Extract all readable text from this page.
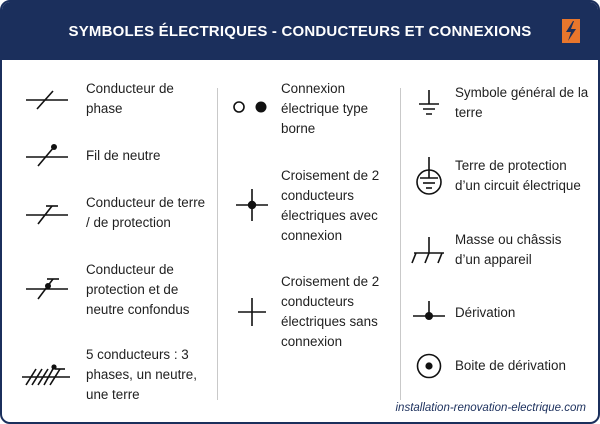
SYMBOLES ÉLECTRIQUES - CONDUCTEURS ET CONNEXIONS
Conducteur de phase
Fil de neutre
Conducteur de terre / de protection
Conducteur de protection et de neutre confondus
5 conducteurs : 3 phases, un neutre, une terre
Connexion électrique type borne
Croisement de 2 conducteurs électriques avec connexion
Croisement de 2 conducteurs électriques sans connexion
Symbole général de la terre
Terre de protection d’un circuit électrique
Masse ou châssis d’un appareil
Dérivation
Boite de dérivation
installation-renovation-electrique.com
